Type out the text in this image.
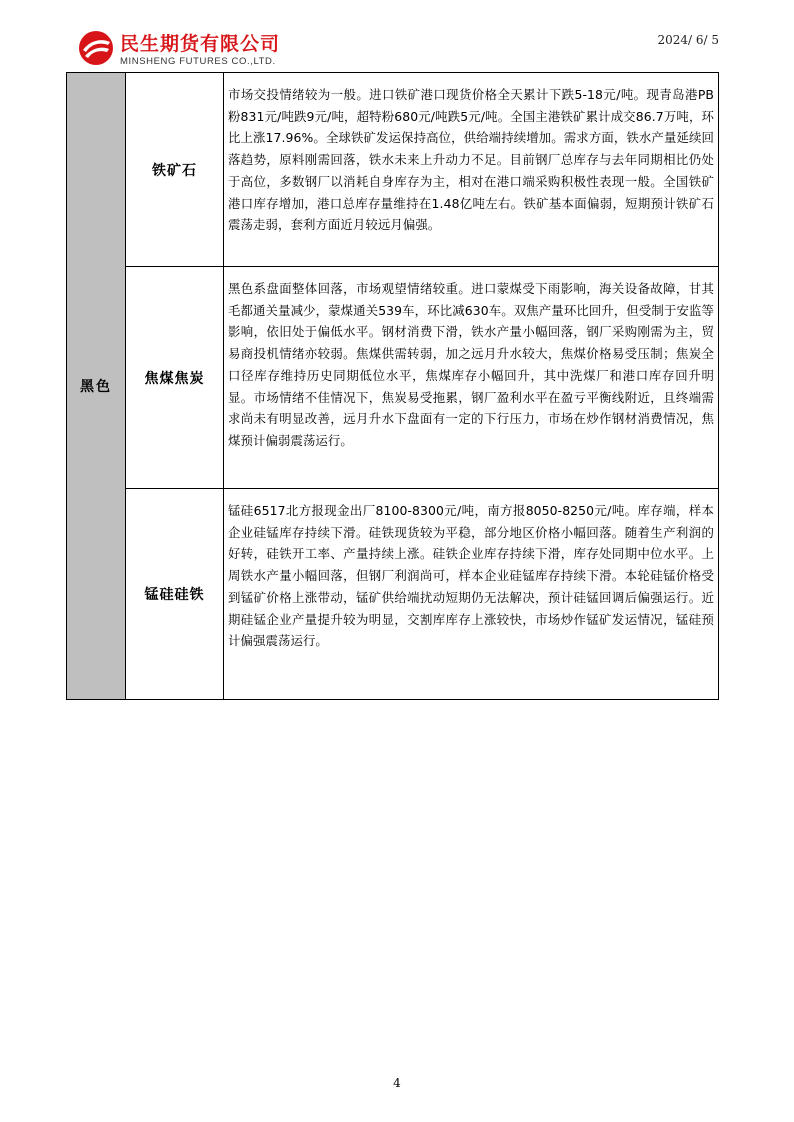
民生期货有限公司
MINSHENG FUTURES CO.,LTD.
2024/ 6/ 5
黑色	铁矿石	市场交投情绪较为一般。进口铁矿港口现货价格全天累计下跌5-18元/吨。现青岛港PB粉831元/吨跌9元/吨，超特粉680元/吨跌5元/吨。全国主港铁矿累计成交86.7万吨，环比上涨17.96%。全球铁矿发运保持高位，供给端持续增加。需求方面，铁水产量延续回落趋势，原料刚需回落，铁水未来上升动力不足。目前钢厂总库存与去年同期相比仍处于高位，多数钢厂以消耗自身库存为主，相对在港口端采购积极性表现一般。全国铁矿港口库存增加，港口总库存量维持在1.48亿吨左右。铁矿基本面偏弱，短期预计铁矿石震荡走弱，套利方面近月较远月偏强。
	焦煤焦炭	黑色系盘面整体回落，市场观望情绪较重。进口蒙煤受下雨影响，海关设备故障，甘其毛都通关量减少，蒙煤通关539车，环比减630车。双焦产量环比回升，但受制于安监等影响，依旧处于偏低水平。钢材消费下滑，铁水产量小幅回落，钢厂采购刚需为主，贸易商投机情绪亦较弱。焦煤供需转弱，加之远月升水较大，焦煤价格易受压制；焦炭全口径库存维持历史同期低位水平，焦煤库存小幅回升，其中洗煤厂和港口库存回升明显。市场情绪不佳情况下，焦炭易受拖累，钢厂盈利水平在盈亏平衡线附近，且终端需求尚未有明显改善，远月升水下盘面有一定的下行压力，市场在炒作钢材消费情况，焦煤预计偏弱震荡运行。
	锰硅硅铁	锰硅6517北方报现金出厂8100-8300元/吨，南方报8050-8250元/吨。库存端，样本企业硅锰库存持续下滑。硅铁现货较为平稳，部分地区价格小幅回落。随着生产利润的好转，硅铁开工率、产量持续上涨。硅铁企业库存持续下滑，库存处同期中位水平。上周铁水产量小幅回落，但钢厂利润尚可，样本企业硅锰库存持续下滑。本轮硅锰价格受到锰矿价格上涨带动，锰矿供给端扰动短期仍无法解决，预计硅锰回调后偏强运行。近期硅锰企业产量提升较为明显，交割库库存上涨较快，市场炒作锰矿发运情况，锰硅预计偏强震荡运行。
4
